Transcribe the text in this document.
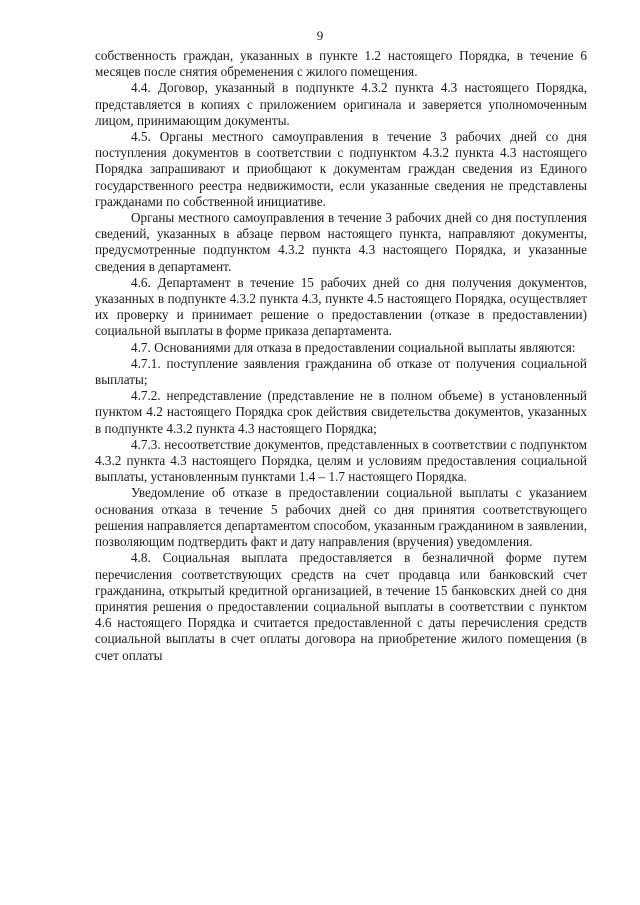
9

собственность граждан, указанных в пункте 1.2 настоящего Порядка, в течение 6 месяцев после снятия обременения с жилого помещения.

4.4. Договор, указанный в подпункте 4.3.2 пункта 4.3 настоящего Порядка, представляется в копиях с приложением оригинала и заверяется уполномоченным лицом, принимающим документы.

4.5. Органы местного самоуправления в течение 3 рабочих дней со дня поступления документов в соответствии с подпунктом 4.3.2 пункта 4.3 настоящего Порядка запрашивают и приобщают к документам граждан сведения из Единого государственного реестра недвижимости, если указанные сведения не представлены гражданами по собственной инициативе.

Органы местного самоуправления в течение 3 рабочих дней со дня поступления сведений, указанных в абзаце первом настоящего пункта, направляют документы, предусмотренные подпунктом 4.3.2 пункта 4.3 настоящего Порядка, и указанные сведения в департамент.

4.6. Департамент в течение 15 рабочих дней со дня получения документов, указанных в подпункте 4.3.2 пункта 4.3, пункте 4.5 настоящего Порядка, осуществляет их проверку и принимает решение о предоставлении (отказе в предоставлении) социальной выплаты в форме приказа департамента.

4.7. Основаниями для отказа в предоставлении социальной выплаты являются:

4.7.1. поступление заявления гражданина об отказе от получения социальной выплаты;

4.7.2. непредставление (представление не в полном объеме) в установленный пунктом 4.2 настоящего Порядка срок действия свидетельства документов, указанных в подпункте 4.3.2 пункта 4.3 настоящего Порядка;

4.7.3. несоответствие документов, представленных в соответствии с подпунктом 4.3.2 пункта 4.3 настоящего Порядка, целям и условиям предоставления социальной выплаты, установленным пунктами 1.4 – 1.7 настоящего Порядка.

Уведомление об отказе в предоставлении социальной выплаты с указанием основания отказа в течение 5 рабочих дней со дня принятия соответствующего решения направляется департаментом способом, указанным гражданином в заявлении, позволяющим подтвердить факт и дату направления (вручения) уведомления.

4.8. Социальная выплата предоставляется в безналичной форме путем перечисления соответствующих средств на счет продавца или банковский счет гражданина, открытый кредитной организацией, в течение 15 банковских дней со дня принятия решения о предоставлении социальной выплаты в соответствии с пунктом 4.6 настоящего Порядка и считается предоставленной с даты перечисления средств социальной выплаты в счет оплаты договора на приобретение жилого помещения (в счет оплаты
